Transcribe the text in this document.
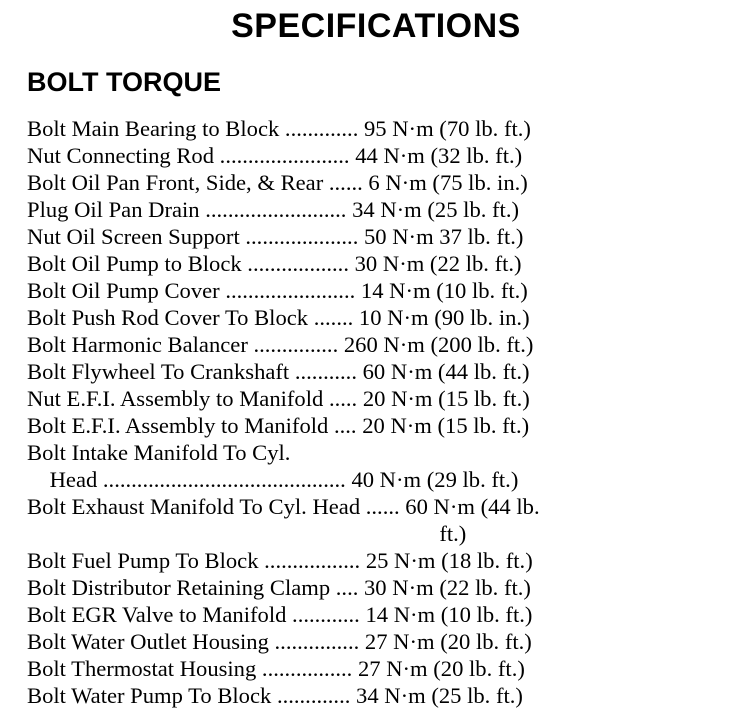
SPECIFICATIONS
BOLT TORQUE
Bolt Main Bearing to Block ............. 95 N·m (70 lb. ft.)
Nut Connecting Rod ....................... 44 N·m (32 lb. ft.)
Bolt Oil Pan Front, Side, & Rear ...... 6 N·m (75 lb. in.)
Plug Oil Pan Drain ......................... 34 N·m (25 lb. ft.)
Nut Oil Screen Support .................... 50 N·m 37 lb. ft.)
Bolt Oil Pump to Block .................. 30 N·m (22 lb. ft.)
Bolt Oil Pump Cover ....................... 14 N·m (10 lb. ft.)
Bolt Push Rod Cover To Block ....... 10 N·m (90 lb. in.)
Bolt Harmonic Balancer ............... 260 N·m (200 lb. ft.)
Bolt Flywheel To Crankshaft ........... 60 N·m (44 lb. ft.)
Nut E.F.I. Assembly to Manifold ..... 20 N·m (15 lb. ft.)
Bolt E.F.I. Assembly to Manifold .... 20 N·m (15 lb. ft.)
Bolt Intake Manifold To Cyl.
Head ........................................... 40 N·m (29 lb. ft.)
Bolt Exhaust Manifold To Cyl. Head ...... 60 N·m (44 lb.
ft.)
Bolt Fuel Pump To Block ................. 25 N·m (18 lb. ft.)
Bolt Distributor Retaining Clamp .... 30 N·m (22 lb. ft.)
Bolt EGR Valve to Manifold ............ 14 N·m (10 lb. ft.)
Bolt Water Outlet Housing ............... 27 N·m (20 lb. ft.)
Bolt Thermostat Housing ................ 27 N·m (20 lb. ft.)
Bolt Water Pump To Block ............. 34 N·m (25 lb. ft.)
